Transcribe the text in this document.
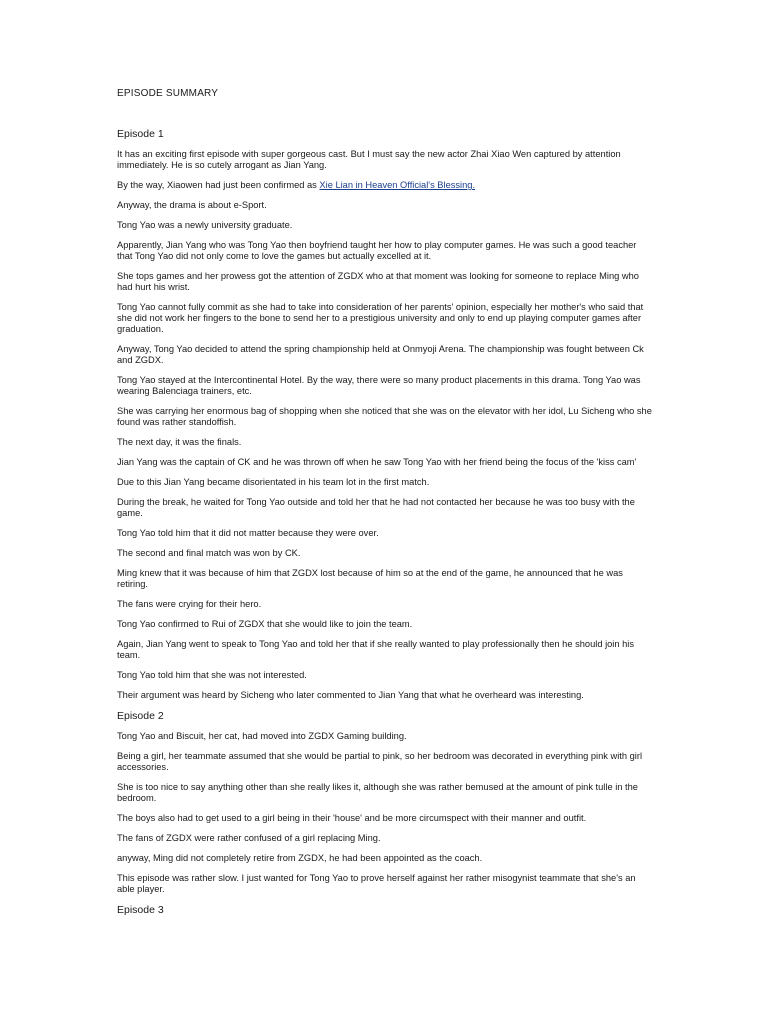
EPISODE SUMMARY
Episode 1

It has an exciting first episode with super gorgeous cast. But I must say the new actor Zhai Xiao Wen captured by attention immediately. He is so cutely arrogant as Jian Yang.

By the way, Xiaowen had just been confirmed as Xie Lian in Heaven Official's Blessing.

Anyway, the drama is about e-Sport.

Tong Yao was a newly university graduate.

Apparently, Jian Yang who was Tong Yao then boyfriend taught her how to play computer games. He was such a good teacher that Tong Yao did not only come to love the games but actually excelled at it.

She tops games and her prowess got the attention of ZGDX who at that moment was looking for someone to replace Ming who had hurt his wrist.

Tong Yao cannot fully commit as she had to take into consideration of her parents' opinion, especially her mother's who said that she did not work her fingers to the bone to send her to a prestigious university and only to end up playing computer games after graduation.

Anyway, Tong Yao decided to attend the spring championship held at Onmyoji Arena. The championship was fought between Ck and ZGDX.

Tong Yao stayed at the Intercontinental Hotel. By the way, there were so many product placements in this drama. Tong Yao was wearing Balenciaga trainers, etc.

She was carrying her enormous bag of shopping when she noticed that she was on the elevator with her idol, Lu Sicheng who she found was rather standoffish.

The next day, it was the finals.

Jian Yang was the captain of CK and he was thrown off when he saw Tong Yao with her friend being the focus of the 'kiss cam'

Due to this Jian Yang became disorientated in his team lot in the first match.

During the break, he waited for Tong Yao outside and told her that he had not contacted her because he was too busy with the game.

Tong Yao told him that it did not matter because they were over.

The second and final match was won by CK.

Ming knew that it was because of him that ZGDX lost because of him so at the end of the game, he announced that he was retiring.

The fans were crying for their hero.

Tong Yao confirmed to Rui of ZGDX that she would like to join the team.

Again, Jian Yang went to speak to Tong Yao and told her that if she really wanted to play professionally then he should join his team.

Tong Yao told him that she was not interested.

Their argument was heard by Sicheng who later commented to Jian Yang that what he overheard was interesting.

Episode 2

Tong Yao and Biscuit, her cat, had moved into ZGDX Gaming building.

Being a girl, her teammate assumed that she would be partial to pink, so her bedroom was decorated in everything pink with girl accessories.

She is too nice to say anything other than she really likes it, although she was rather bemused at the amount of pink tulle in the bedroom.

The boys also had to get used to a girl being in their 'house' and be more circumspect with their manner and outfit.

The fans of ZGDX were rather confused of a girl replacing Ming.

anyway, Ming did not completely retire from ZGDX, he had been appointed as the coach.

This episode was rather slow. I just wanted for Tong Yao to prove herself against her rather misogynist teammate that she's an able player.

Episode 3
